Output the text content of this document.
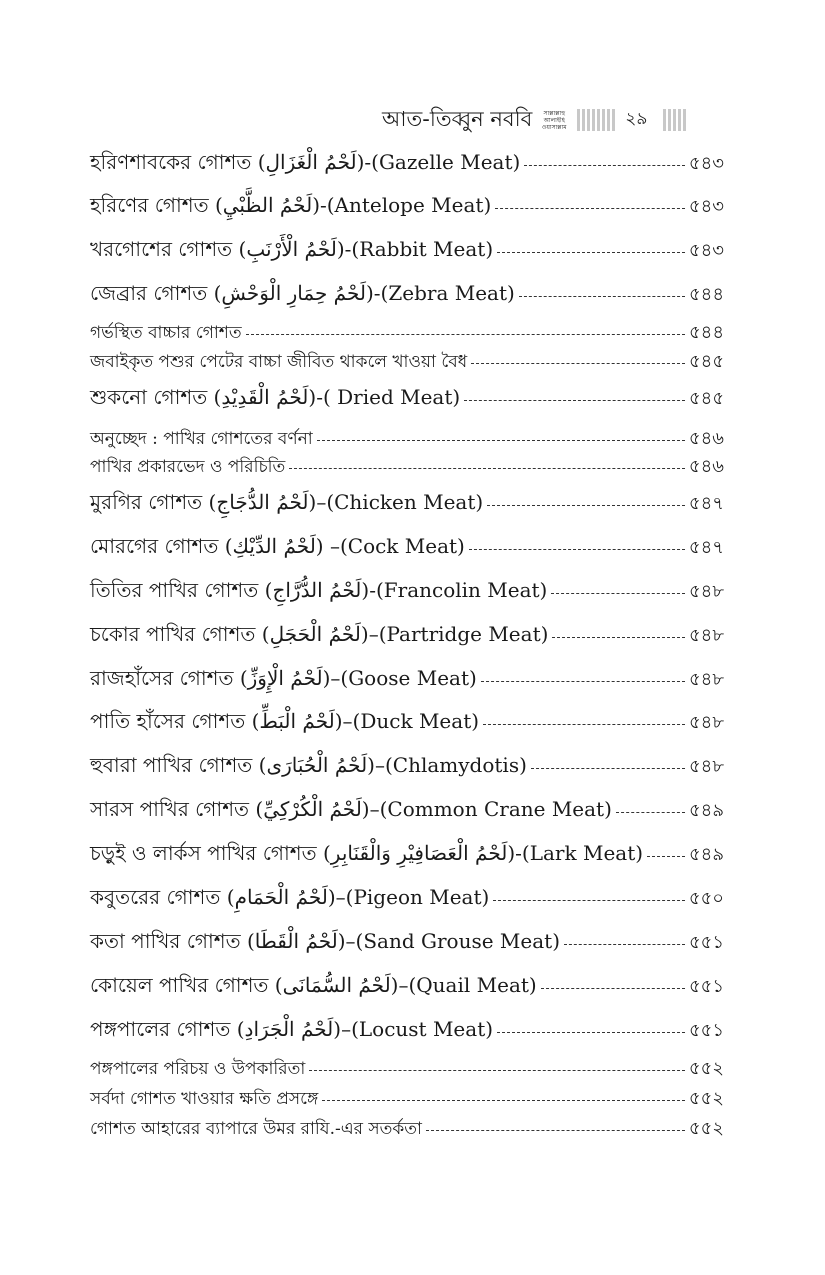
আত-তিব্বুন নববি	সাল্লাল্লাহু
আলাইহি
ওয়াসাল্লাম	২৯
হরিণশাবকের গোশত (لَحْمُ الْغَزَالِ)-(Gazelle Meat)	৫৪৩
হরিণের গোশত (لَحْمُ الظَّبْيِ)-(Antelope Meat)	৫৪৩
খরগোশের গোশত (لَحْمُ الْأَرْنَبِ)-(Rabbit Meat)	৫৪৩
জেব্রার গোশত (لَحْمُ حِمَارِ الْوَحْشِ)-(Zebra Meat)	৫৪৪
গর্ভস্থিত বাচ্চার গোশত	৫৪৪
জবাইকৃত পশুর পেটের বাচ্চা জীবিত থাকলে খাওয়া বৈধ	৫৪৫
শুকনো গোশত (لَحْمُ الْقَدِيْدِ)-( Dried Meat)	৫৪৫
অনুচ্ছেদ : পাখির গোশতের বর্ণনা	৫৪৬
পাখির প্রকারভেদ ও পরিচিতি	৫৪৬
মুরগির গোশত (لَحْمُ الدُّجَاجِ)–(Chicken Meat)	৫৪৭
মোরগের গোশত (لَحْمُ الدِّيْكِ) –(Cock Meat)	৫৪৭
তিতির পাখির গোশত (لَحْمُ الدُّرَّاجِ)-(Francolin Meat)	৫৪৮
চকোর পাখির গোশত (لَحْمُ الْحَجَلِ)–(Partridge Meat)	৫৪৮
রাজহাঁসের গোশত (لَحْمُ الْإِوَزِّ)–(Goose Meat)	৫৪৮
পাতি হাঁসের গোশত (لَحْمُ الْبَطِّ)–(Duck Meat)	৫৪৮
হুবারা পাখির গোশত (لَحْمُ الْحُبَارَى)–(Chlamydotis)	৫৪৮
সারস পাখির গোশত (لَحْمُ الْكُرْكِيِّ)–(Common Crane Meat)	৫৪৯
চড়ুই ও লার্কস পাখির গোশত (لَحْمُ الْعَصَافِيْرِ وَالْقَنَابِرِ)-(Lark Meat)	৫৪৯
কবুতরের গোশত (لَحْمُ الْحَمَامِ)–(Pigeon Meat)	৫৫০
কতা পাখির গোশত (لَحْمُ الْقَطَا)–(Sand Grouse Meat)	৫৫১
কোয়েল পাখির গোশত (لَحْمُ السُّمَانَى)–(Quail Meat)	৫৫১
পঙ্গপালের গোশত (لَحْمُ الْجَرَادِ)–(Locust Meat)	৫৫১
পঙ্গপালের পরিচয় ও উপকারিতা	৫৫২
সর্বদা গোশত খাওয়ার ক্ষতি প্রসঙ্গে	৫৫২
গোশত আহারের ব্যাপারে উমর রাযি.-এর সতর্কতা	৫৫২
